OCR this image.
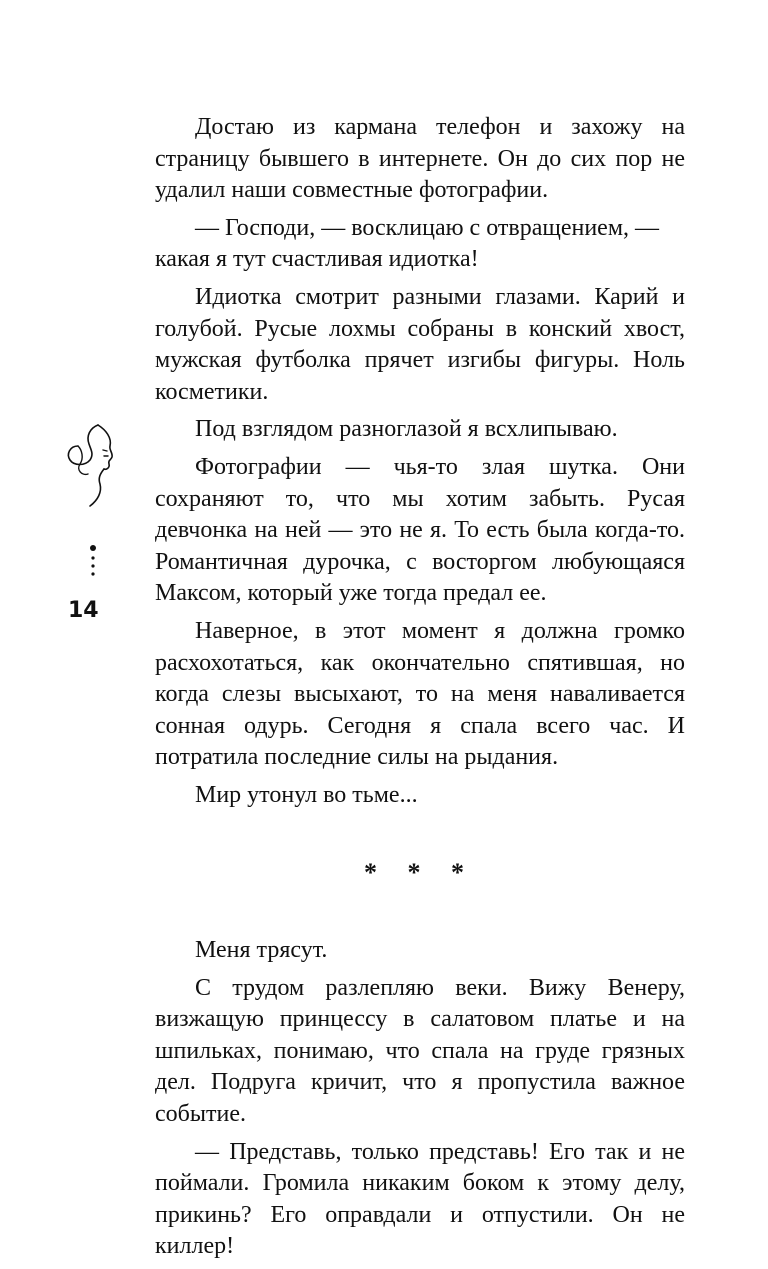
14

Достаю из кармана телефон и захожу на страницу бывшего в интернете. Он до сих пор не удалил наши совместные фотографии.

— Господи, — восклицаю с отвращением, — какая я тут счастливая идиотка!

Идиотка смотрит разными глазами. Карий и голубой. Русые лохмы собраны в конский хвост, мужская футболка прячет изгибы фигуры. Ноль косметики.

Под взглядом разноглазой я всхлипываю.

Фотографии — чья-то злая шутка. Они сохраняют то, что мы хотим забыть. Русая девчонка на ней — это не я. То есть была когда-то. Романтичная дурочка, с восторгом любующаяся Максом, который уже тогда предал ее.

Наверное, в этот момент я должна громко расхохотаться, как окончательно спятившая, но когда слезы высыхают, то на меня наваливается сонная одурь. Сегодня я спала всего час. И потратила последние силы на рыдания.

Мир утонул во тьме...

* * *

Меня трясут.

С трудом разлепляю веки. Вижу Венеру, визжащую принцессу в салатовом платье и на шпильках, понимаю, что спала на груде грязных дел. Подруга кричит, что я пропустила важное событие.

— Представь, только представь! Его так и не поймали. Громила никаким боком к этому делу, прикинь? Его оправдали и отпустили. Он не киллер!
